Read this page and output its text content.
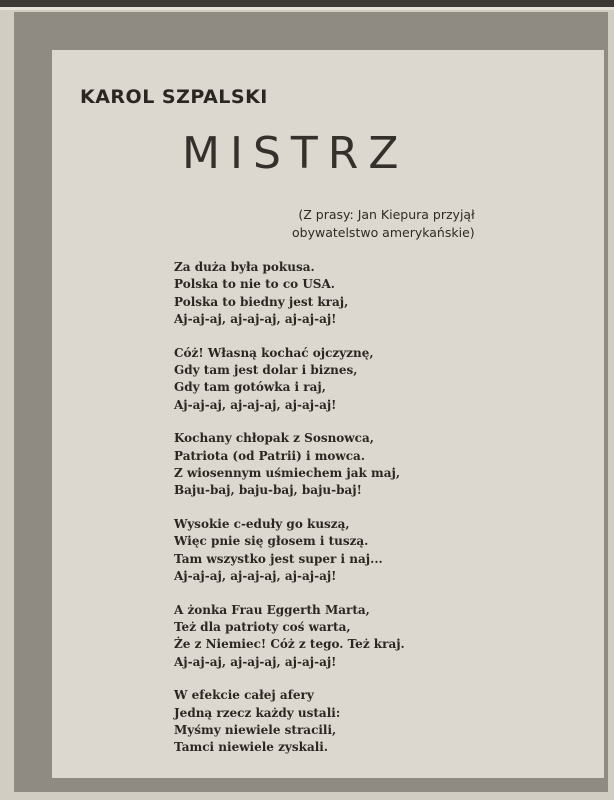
KAROL SZPALSKI
MISTRZ

(Z prasy: Jan Kiepura przyjął
obywatelstwo amerykańskie)

Za duża była pokusa.
Polska to nie to co USA.
Polska to biedny jest kraj,
Aj-aj-aj, aj-aj-aj, aj-aj-aj!
Cóż! Własną kochać ojczyznę,
Gdy tam jest dolar i biznes,
Gdy tam gotówka i raj,
Aj-aj-aj, aj-aj-aj, aj-aj-aj!
Kochany chłopak z Sosnowca,
Patriota (od Patrii) i mowca.
Z wiosennym uśmiechem jak maj,
Baju-baj, baju-baj, baju-baj!
Wysokie c-eduły go kuszą,
Więc pnie się głosem i tuszą.
Tam wszystko jest super i naj...
Aj-aj-aj, aj-aj-aj, aj-aj-aj!
A żonka Frau Eggerth Marta,
Też dla patrioty coś warta,
Że z Niemiec! Cóż z tego. Też kraj.
Aj-aj-aj, aj-aj-aj, aj-aj-aj!
W efekcie całej afery
Jedną rzecz każdy ustali:
Myśmy niewiele stracili,
Tamci niewiele zyskali.
